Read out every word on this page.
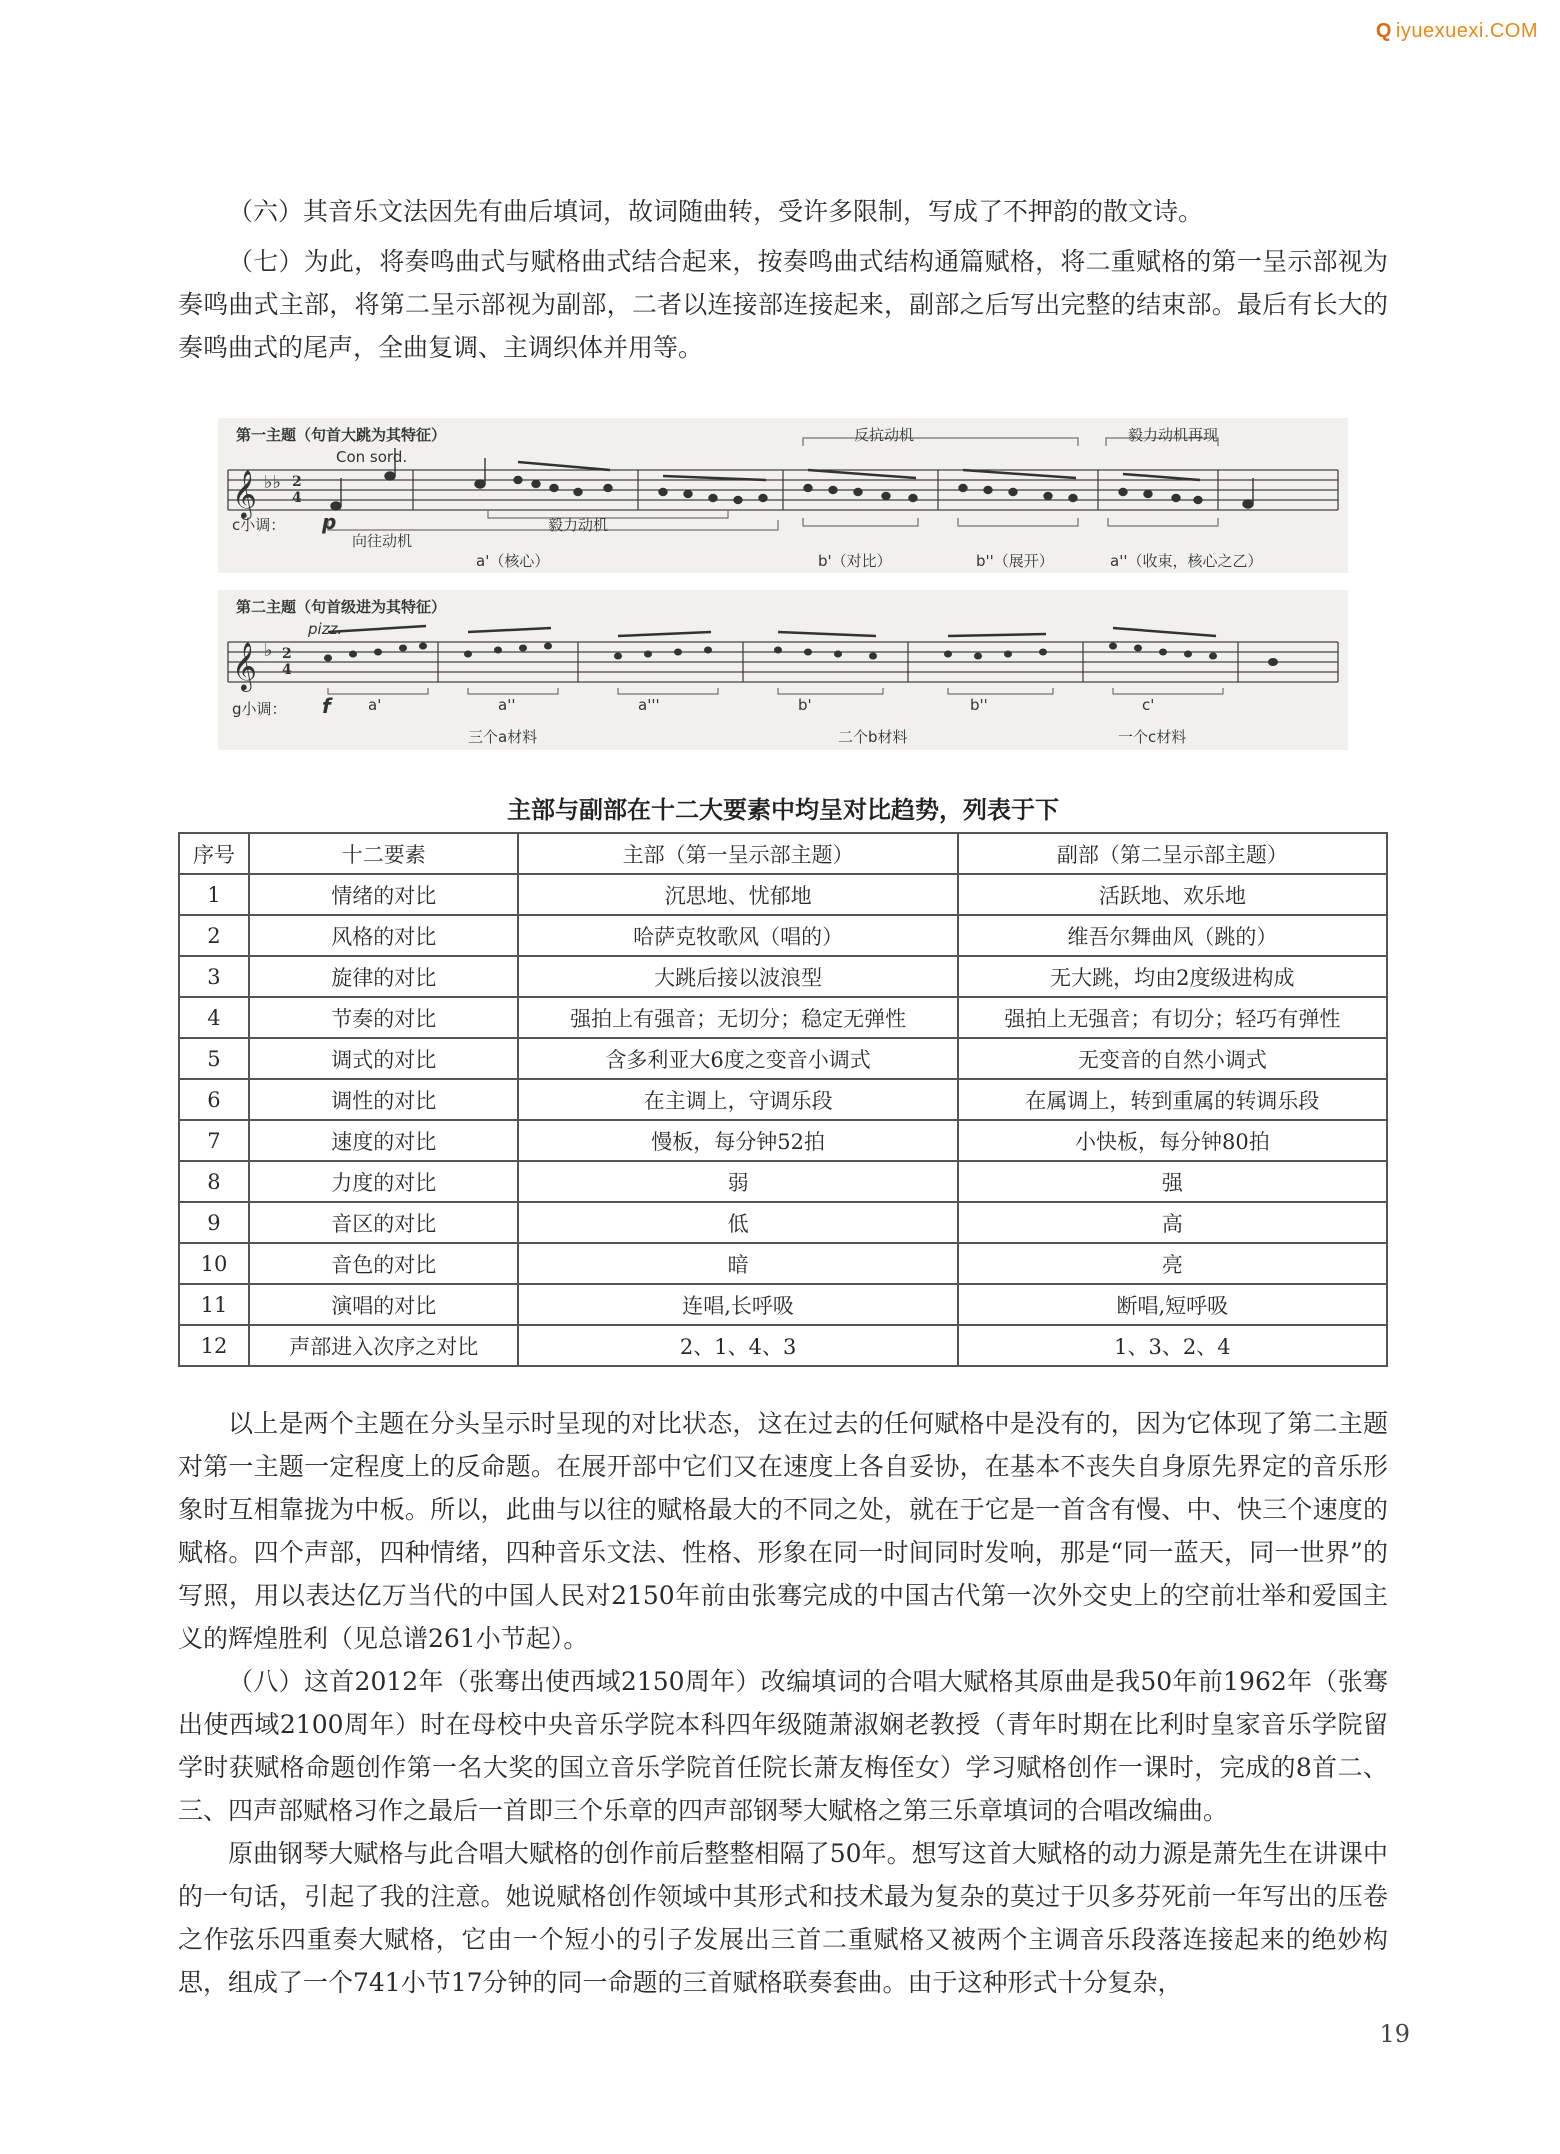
Q iyuexuexi.COM

（六）其音乐文法因先有曲后填词，故词随曲转，受许多限制，写成了不押韵的散文诗。

（七）为此，将奏鸣曲式与赋格曲式结合起来，按奏鸣曲式结构通篇赋格，将二重赋格的第一呈示部视为奏鸣曲式主部，将第二呈示部视为副部，二者以连接部连接起来，副部之后写出完整的结束部。最后有长大的奏鸣曲式的尾声，全曲复调、主调织体并用等。

第一主题（句首大跳为其特征）
Con sord.
反抗动机	毅力动机再现
c小调： p
向往动机
毅力动机
a'（核心）	b'（对比）	b''（展开）	a''（收束，核心之乙）
𝄞 ♭♭ 2
4
第二主题（句首级进为其特征）
pizz.
g小调： f a'	a''	a'''	b'	b''	c'
三个a材料	二个b材料	一个c材料
𝄞 ♭ 2
4
主部与副部在十二大要素中均呈对比趋势，列表于下
序号	十二要素	主部（第一呈示部主题）	副部（第二呈示部主题）
1	情绪的对比	沉思地、忧郁地	活跃地、欢乐地
2	风格的对比	哈萨克牧歌风（唱的）	维吾尔舞曲风（跳的）
3	旋律的对比	大跳后接以波浪型	无大跳，均由2度级进构成
4	节奏的对比	强拍上有强音；无切分；稳定无弹性	强拍上无强音；有切分；轻巧有弹性
5	调式的对比	含多利亚大6度之变音小调式	无变音的自然小调式
6	调性的对比	在主调上，守调乐段	在属调上，转到重属的转调乐段
7	速度的对比	慢板，每分钟52拍	小快板，每分钟80拍
8	力度的对比	弱	强
9	音区的对比	低	高
10	音色的对比	暗	亮
11	演唱的对比	连唱,长呼吸	断唱,短呼吸
12	声部进入次序之对比	2、1、4、3	1、3、2、4

以上是两个主题在分头呈示时呈现的对比状态，这在过去的任何赋格中是没有的，因为它体现了第二主题对第一主题一定程度上的反命题。在展开部中它们又在速度上各自妥协，在基本不丧失自身原先界定的音乐形象时互相靠拢为中板。所以，此曲与以往的赋格最大的不同之处，就在于它是一首含有慢、中、快三个速度的赋格。四个声部，四种情绪，四种音乐文法、性格、形象在同一时间同时发响，那是“同一蓝天，同一世界”的写照，用以表达亿万当代的中国人民对2150年前由张骞完成的中国古代第一次外交史上的空前壮举和爱国主义的辉煌胜利（见总谱261小节起）。

（八）这首2012年（张骞出使西域2150周年）改编填词的合唱大赋格其原曲是我50年前1962年（张骞出使西域2100周年）时在母校中央音乐学院本科四年级随萧淑娴老教授（青年时期在比利时皇家音乐学院留学时获赋格命题创作第一名大奖的国立音乐学院首任院长萧友梅侄女）学习赋格创作一课时，完成的8首二、三、四声部赋格习作之最后一首即三个乐章的四声部钢琴大赋格之第三乐章填词的合唱改编曲。

原曲钢琴大赋格与此合唱大赋格的创作前后整整相隔了50年。想写这首大赋格的动力源是萧先生在讲课中的一句话，引起了我的注意。她说赋格创作领域中其形式和技术最为复杂的莫过于贝多芬死前一年写出的压卷之作弦乐四重奏大赋格，它由一个短小的引子发展出三首二重赋格又被两个主调音乐段落连接起来的绝妙构思，组成了一个741小节17分钟的同一命题的三首赋格联奏套曲。由于这种形式十分复杂，

19
